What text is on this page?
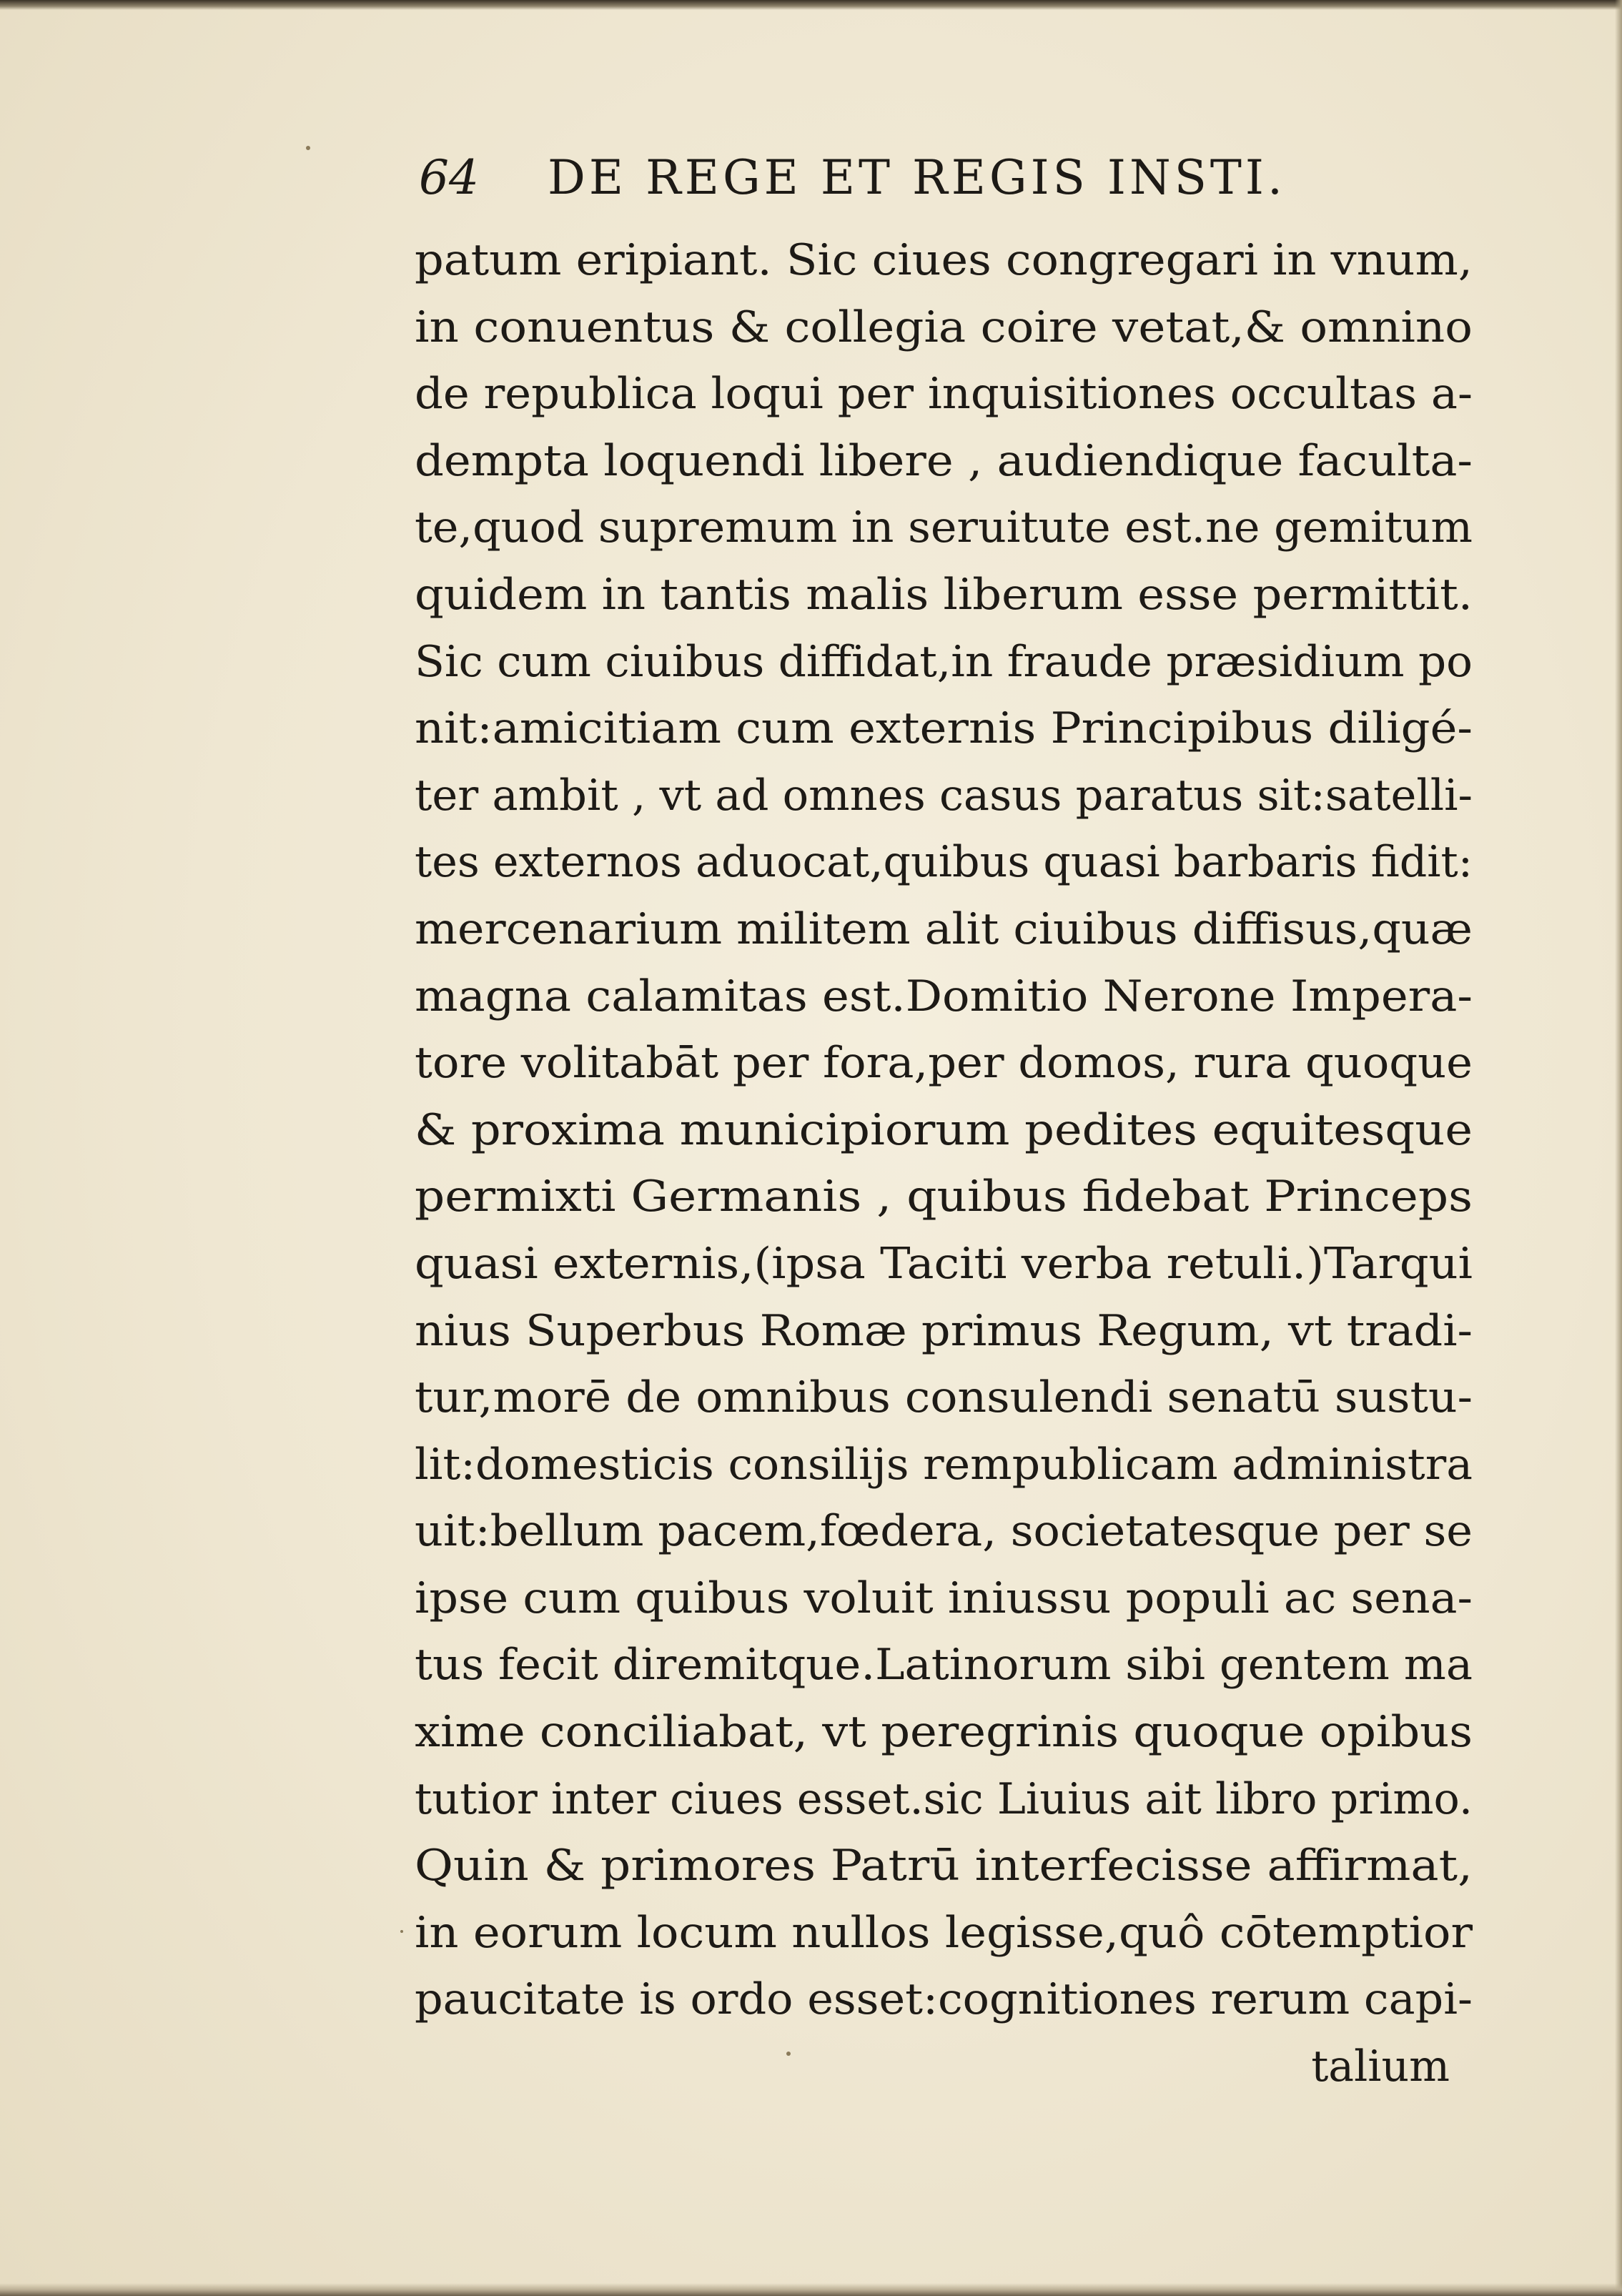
64 DE REGE ET REGIS INSTI.
patum eripiant. Sic ciues congregari in vnum,
in conuentus & collegia coire vetat,& omnino
de republica loqui per inquisitiones occultas a-
dempta loquendi libere , audiendique faculta-
te,quod supremum in seruitute est.ne gemitum
quidem in tantis malis liberum esse permittit.
Sic cum ciuibus diffidat,in fraude præsidium po
nit:amicitiam cum externis Principibus diligé-
ter ambit , vt ad omnes casus paratus sit:satelli-
tes externos aduocat,quibus quasi barbaris fidit:
mercenarium militem alit ciuibus diffisus,quæ
magna calamitas est.Domitio Nerone Impera-
tore volitabāt per fora,per domos, rura quoque
& proxima municipiorum pedites equitesque
permixti Germanis , quibus fidebat Princeps
quasi externis,(ipsa Taciti verba retuli.)Tarqui
nius Superbus Romæ primus Regum, vt tradi-
tur,morē de omnibus consulendi senatū sustu-
lit:domesticis consilijs rempublicam administra
uit:bellum pacem,fœdera, societatesque per se
ipse cum quibus voluit iniussu populi ac sena-
tus fecit diremitque.Latinorum sibi gentem ma
xime conciliabat, vt peregrinis quoque opibus
tutior inter ciues esset.sic Liuius ait libro primo.
Quin & primores Patrū interfecisse affirmat,
in eorum locum nullos legisse,quô cōtemptior
paucitate is ordo esset:cognitiones rerum capi-
talium
